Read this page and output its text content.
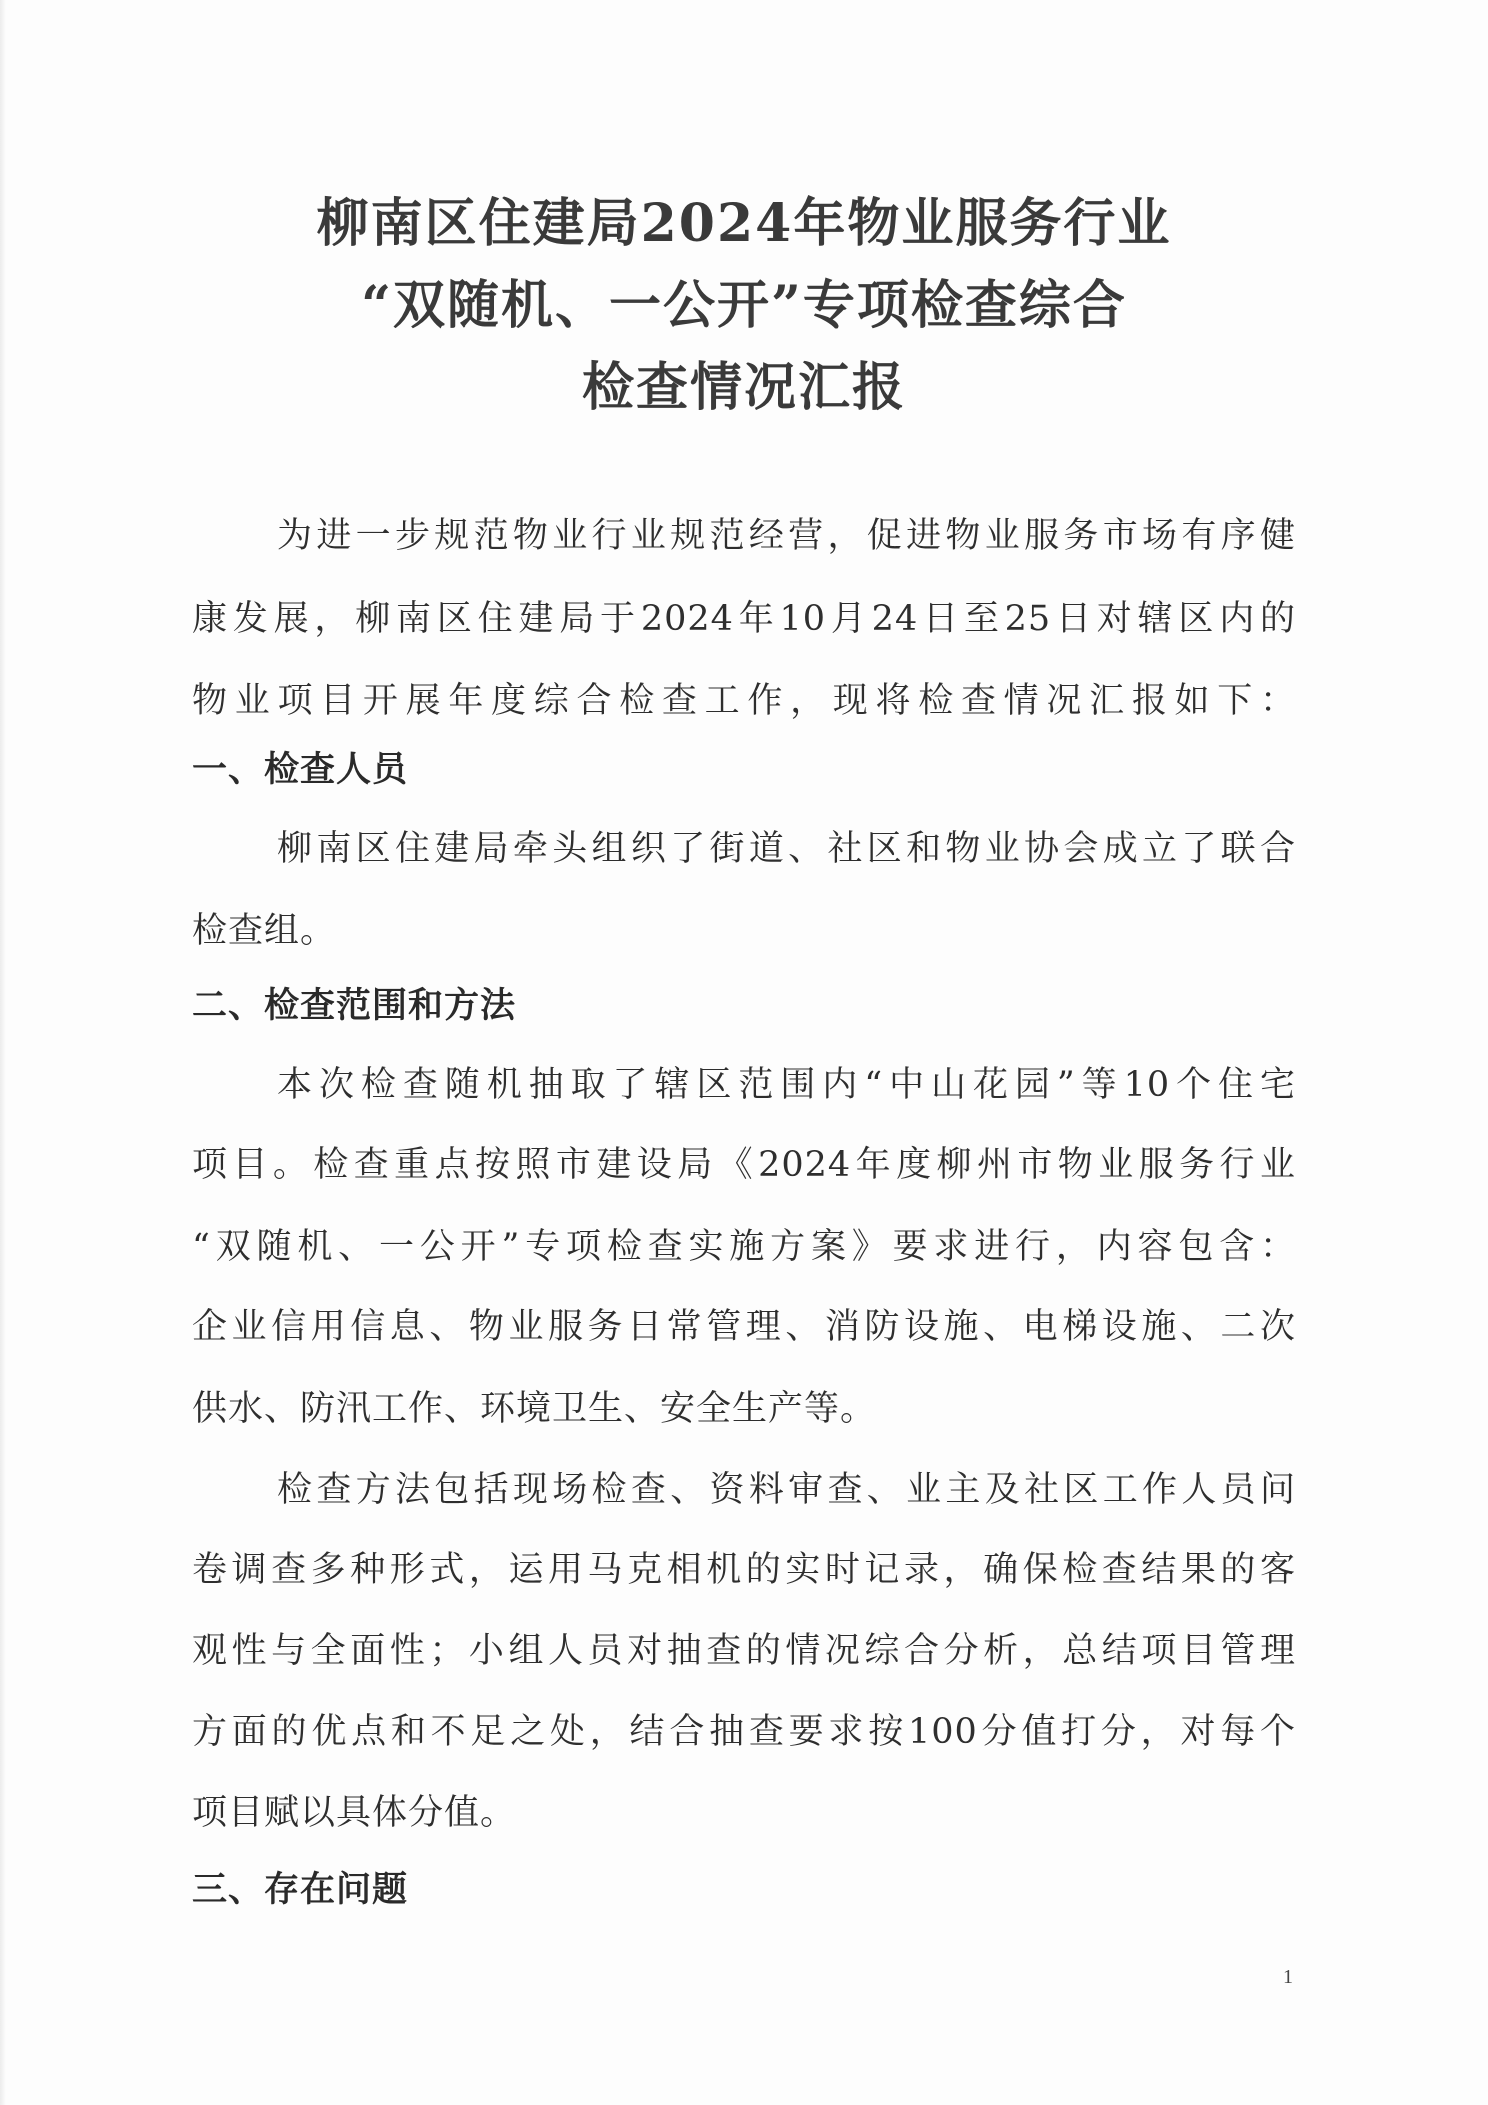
柳南区住建局2024年物业服务行业
“双随机、一公开”专项检查综合
检查情况汇报
为进一步规范物业行业规范经营，促进物业服务市场有序健
康发展，柳南区住建局于2024年10月24日至25日对辖区内的
物业项目开展年度综合检查工作，现将检查情况汇报如下：
一、检查人员
柳南区住建局牵头组织了街道、社区和物业协会成立了联合
检查组。
二、检查范围和方法
本次检查随机抽取了辖区范围内“中山花园”等10个住宅
项目。检查重点按照市建设局《2024年度柳州市物业服务行业
“双随机、一公开”专项检查实施方案》要求进行，内容包含：
企业信用信息、物业服务日常管理、消防设施、电梯设施、二次
供水、防汛工作、环境卫生、安全生产等。
检查方法包括现场检查、资料审查、业主及社区工作人员问
卷调查多种形式，运用马克相机的实时记录，确保检查结果的客
观性与全面性；小组人员对抽查的情况综合分析，总结项目管理
方面的优点和不足之处，结合抽查要求按100分值打分，对每个
项目赋以具体分值。
三、存在问题
1
